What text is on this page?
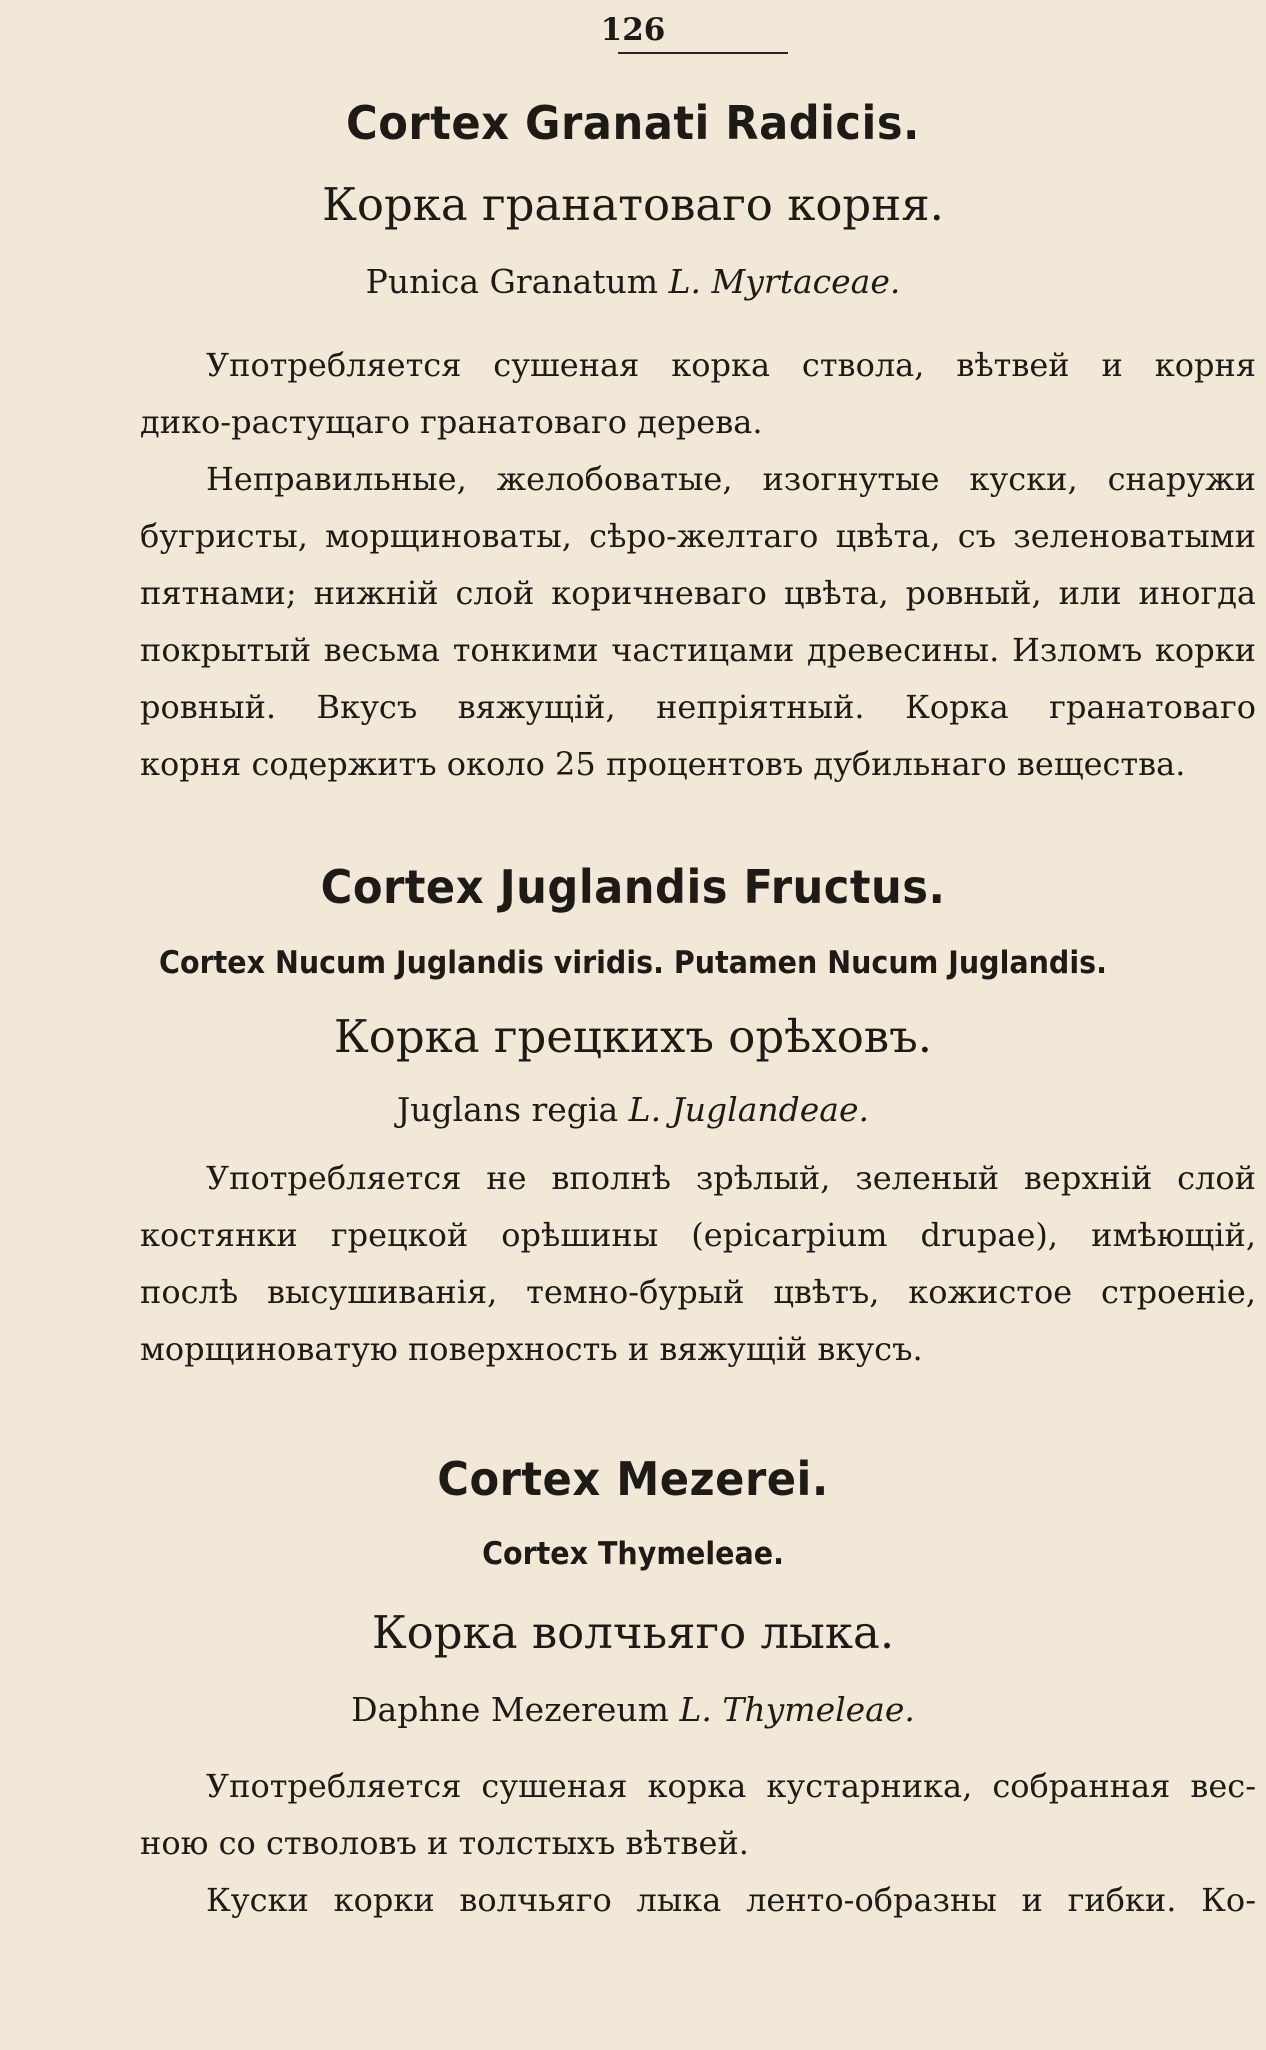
126
Cortex Granati Radicis.
Корка гранатоваго корня.
Punica Granatum L. Myrtaceae.
Употребляется сушеная корка ствола, вѣтвей и корня
дико-растущаго гранатоваго дерева.
Неправильные, желобоватые, изогнутые куски, снаружи
бугристы, морщиноваты, сѣро-желтаго цвѣта, съ зеленоватыми
пятнами; нижнiй слой коричневаго цвѣта, ровный, или иногда
покрытый весьма тонкими частицами древесины. Изломъ корки
ровный. Вкусъ вяжущiй, непрiятный. Корка гранатоваго
корня содержитъ около 25 процентовъ дубильнаго вещества.
Cortex Juglandis Fructus.
Cortex Nucum Juglandis viridis. Putamen Nucum Juglandis.
Корка грецкихъ орѣховъ.
Juglans regia L. Juglandeae.
Употребляется не вполнѣ зрѣлый, зеленый верхнiй слой
костянки грецкой орѣшины (epicarpium drupae), имѣющiй,
послѣ высушиванiя, темно-бурый цвѣтъ, кожистое строенiе,
морщиноватую поверхность и вяжущiй вкусъ.
Cortex Mezerei.
Cortex Thymeleae.
Корка волчьяго лыка.
Daphne Mezereum L. Thymeleae.
Употребляется сушеная корка кустарника, собранная вес-
ною со стволовъ и толстыхъ вѣтвей.
Куски корки волчьяго лыка ленто-образны и гибки. Ко-
